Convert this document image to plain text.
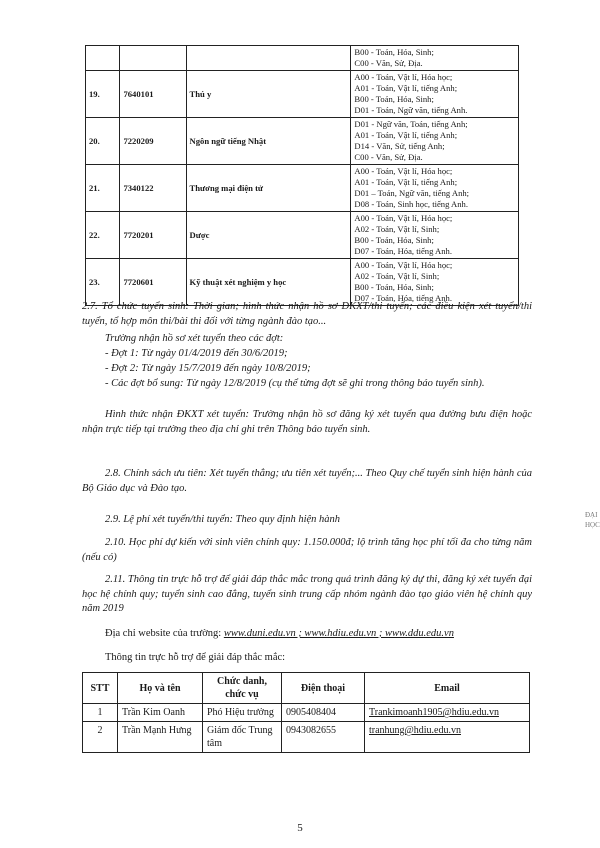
			B00 - Toán, Hóa, Sinh;
C00 - Văn, Sử, Địa.

19.	7640101	Thú y	A00 - Toán, Vật lí, Hóa học;
A01 - Toán, Vật lí, tiếng Anh;
B00 - Toán, Hóa, Sinh;
D01 - Toán, Ngữ văn, tiếng Anh.

20.	7220209	Ngôn ngữ tiếng Nhật	D01 - Ngữ văn, Toán, tiếng Anh;
A01 - Toán, Vật lí, tiếng Anh;
D14 - Văn, Sử, tiếng Anh;
C00 - Văn, Sử, Địa.

21.	7340122	Thương mại điện tử	A00 - Toán, Vật lí, Hóa học;
A01 - Toán, Vật lí, tiếng Anh;
D01 – Toán, Ngữ văn, tiếng Anh;
D08 - Toán, Sinh học, tiếng Anh.

22.	7720201	Dược	A00 - Toán, Vật lí, Hóa học;
A02 - Toán, Vật lí, Sinh;
B00 - Toán, Hóa, Sinh;
D07 - Toán, Hóa, tiếng Anh.

23.	7720601	Kỹ thuật xét nghiệm y học	A00 - Toán, Vật lí, Hóa học;
A02 - Toán, Vật lí, Sinh;
B00 - Toán, Hóa, Sinh;
D07 - Toán, Hóa, tiếng Anh.
2.7. Tổ chức tuyển sinh: Thời gian; hình thức nhận hồ sơ ĐKXT/thi tuyển; các điều kiện xét tuyển/thi tuyển, tổ hợp môn thi/bài thi đối với từng ngành đào tạo...
Trường nhận hồ sơ xét tuyển theo các đợt:
- Đợt 1: Từ ngày 01/4/2019 đến 30/6/2019;
- Đợt 2: Từ ngày 15/7/2019 đến ngày 10/8/2019;
- Các đợt bổ sung: Từ ngày 12/8/2019 (cụ thể từng đợt sẽ ghi trong thông báo tuyển sinh).
Hình thức nhận ĐKXT xét tuyển: Trường nhận hồ sơ đăng ký xét tuyển qua đường bưu điện hoặc nhận trực tiếp tại trường theo địa chỉ ghi trên Thông báo tuyển sinh.
2.8. Chính sách ưu tiên: Xét tuyển thẳng; ưu tiên xét tuyển;... Theo Quy chế tuyển sinh hiện hành của Bộ Giáo dục và Đào tạo.
2.9. Lệ phí xét tuyển/thi tuyển: Theo quy định hiện hành
2.10. Học phí dự kiến với sinh viên chính quy: 1.150.000đ; lộ trình tăng học phí tối đa cho từng năm (nếu có)
2.11. Thông tin trực hỗ trợ để giải đáp thắc mắc trong quá trình đăng ký dự thi, đăng ký xét tuyển đại học hệ chính quy; tuyển sinh cao đẳng, tuyển sinh trung cấp nhóm ngành đào tạo giáo viên hệ chính quy năm 2019
Địa chỉ website của trường: www.duni.edu.vn ; www.hdiu.edu.vn ; www.ddu.edu.vn
Thông tin trực hỗ trợ để giải đáp thắc mắc:
STT	Họ và tên	Chức danh, chức vụ	Điện thoại	Email
1	Trần Kim Oanh	Phó Hiệu trưởng	0905408404	Trankimoanh1905@hdiu.edu.vn
2	Trần Mạnh Hưng	Giám đốc Trung tâm	0943082655	tranhung@hdiu.edu.vn
ĐẠI HỌC
5
